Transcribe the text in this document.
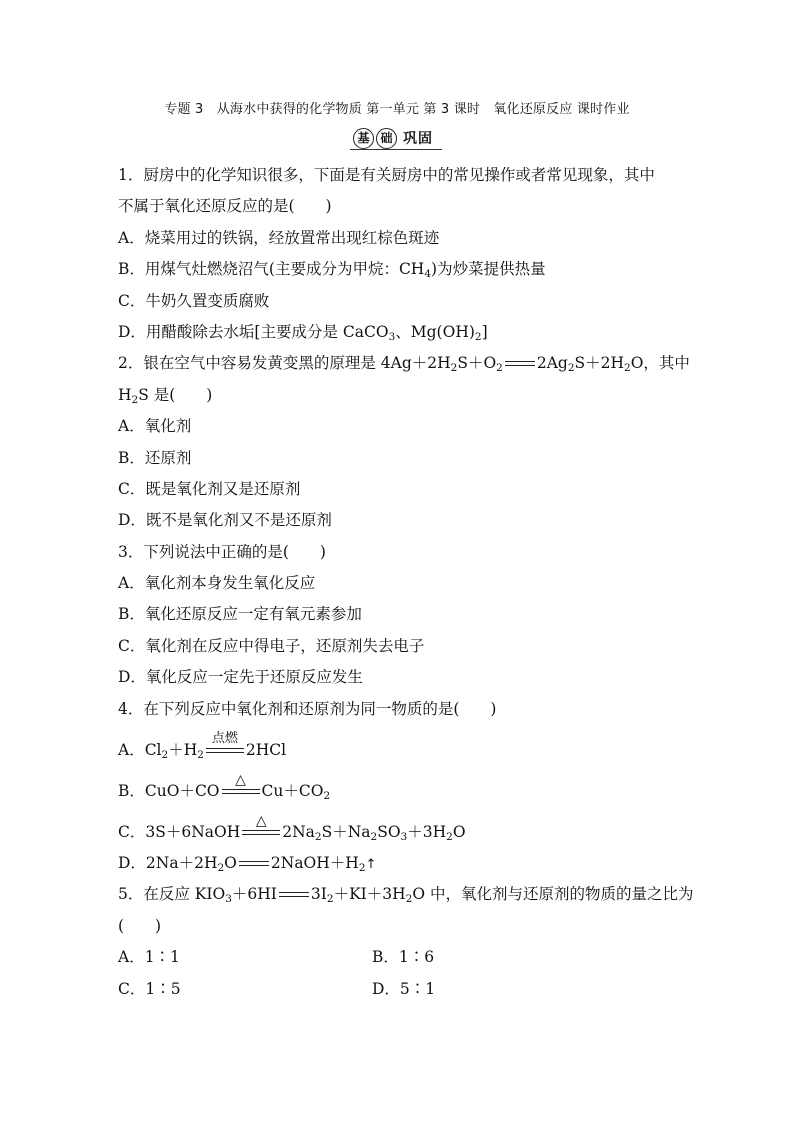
专题 3　从海水中获得的化学物质 第一单元 第 3 课时　氧化还原反应 课时作业
基 础 巩固
1．厨房中的化学知识很多，下面是有关厨房中的常见操作或者常见现象，其中
不属于氧化还原反应的是(　　)
A．烧菜用过的铁锅，经放置常出现红棕色斑迹
B．用煤气灶燃烧沼气(主要成分为甲烷：$CH_4$)为炒菜提供热量
C．牛奶久置变质腐败
D．用醋酸除去水垢[主要成分是 CaCO$_3$、$Mg(OH)_2$]
2．银在空气中容易发黄变黑的原理是 $4Ag+2H_2S+O_2$ $2Ag_2S+2H_2O$，其中
$H_2S$ 是(　　)
A．氧化剂
B．还原剂
C．既是氧化剂又是还原剂
D．既不是氧化剂又不是还原剂
3．下列说法中正确的是(　　)
A．氧化剂本身发生氧化反应
B．氧化还原反应一定有氧元素参加
C．氧化剂在反应中得电子，还原剂失去电子
D．氧化反应一定先于还原反应发生
4．在下列反应中氧化剂和还原剂为同一物质的是(　　)
A．$Cl_2+H_2$
点燃
2HCl
B．CuO＋CO
△
$Cu+CO_2$
C．3S＋6NaOH
△
$2Na_2S+Na_2SO_3+3H_2O$
D．$2Na+2H_2O$ $2NaOH+H_2↑$
5．在反应 $KIO_3+6HI$ $3I_2+KI+3H_2O$ 中，氧化剂与还原剂的物质的量之比为
(　　)
A．1∶1	B．1∶6
C．1∶5	D．5∶1
